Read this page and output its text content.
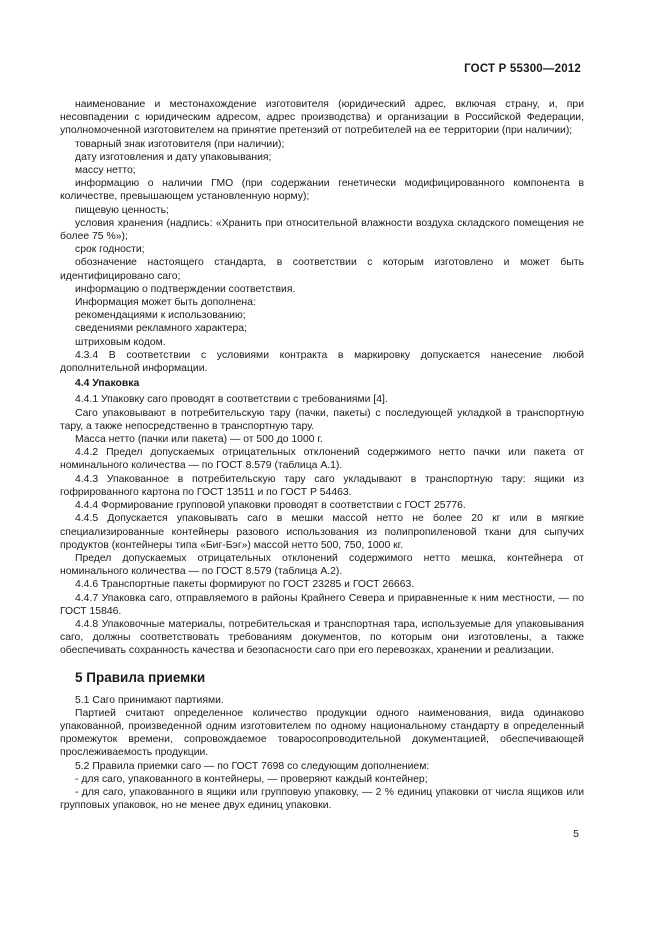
ГОСТ Р 55300—2012

наименование и местонахождение изготовителя (юридический адрес, включая страну, и, при несовпадении с юридическим адресом, адрес производства) и организации в Российской Федерации, уполномоченной изготовителем на принятие претензий от потребителей на ее территории (при наличии);

товарный знак изготовителя (при наличии);

дату изготовления и дату упаковывания;

массу нетто;

информацию о наличии ГМО (при содержании генетически модифицированного компонента в количестве, превышающем установленную норму);

пищевую ценность;

условия хранения (надпись: «Хранить при относительной влажности воздуха складского помещения не более 75 %»);

срок годности;

обозначение настоящего стандарта, в соответствии с которым изготовлено и может быть идентифицировано саго;

информацию о подтверждении соответствия.

Информация может быть дополнена:

рекомендациями к использованию;

сведениями рекламного характера;

штриховым кодом.

4.3.4 В соответствии с условиями контракта в маркировку допускается нанесение любой дополнительной информации.

4.4 Упаковка

4.4.1 Упаковку саго проводят в соответствии с требованиями [4].

Саго упаковывают в потребительскую тару (пачки, пакеты) с последующей укладкой в транспортную тару, а также непосредственно в транспортную тару.

Масса нетто (пачки или пакета) — от 500 до 1000 г.

4.4.2 Предел допускаемых отрицательных отклонений содержимого нетто пачки или пакета от номинального количества — по ГОСТ 8.579 (таблица А.1).

4.4.3 Упакованное в потребительскую тару саго укладывают в транспортную тару: ящики из гофрированного картона по ГОСТ 13511 и по ГОСТ Р 54463.

4.4.4 Формирование групповой упаковки проводят в соответствии с ГОСТ 25776.

4.4.5 Допускается упаковывать саго в мешки массой нетто не более 20 кг или в мягкие специализированные контейнеры разового использования из полипропиленовой ткани для сыпучих продуктов (контейнеры типа «Биг-Бэг») массой нетто 500, 750, 1000 кг.

Предел допускаемых отрицательных отклонений содержимого нетто мешка, контейнера от номинального количества — по ГОСТ 8.579 (таблица А.2).

4.4.6 Транспортные пакеты формируют по ГОСТ 23285 и ГОСТ 26663.

4.4.7 Упаковка саго, отправляемого в районы Крайнего Севера и приравненные к ним местности, — по ГОСТ 15846.

4.4.8 Упаковочные материалы, потребительская и транспортная тара, используемые для упаковывания саго, должны соответствовать требованиям документов, по которым они изготовлены, а также обеспечивать сохранность качества и безопасности саго при его перевозках, хранении и реализации.

5 Правила приемки

5.1 Саго принимают партиями.

Партией считают определенное количество продукции одного наименования, вида одинаково упакованной, произведенной одним изготовителем по одному национальному стандарту в определенный промежуток времени, сопровождаемое товаросопроводительной документацией, обеспечивающей прослеживаемость продукции.

5.2 Правила приемки саго — по ГОСТ 7698 со следующим дополнением:

- для саго, упакованного в контейнеры, — проверяют каждый контейнер;

- для саго, упакованного в ящики или групповую упаковку, — 2 % единиц упаковки от числа ящиков или групповых упаковок, но не менее двух единиц упаковки.

5
